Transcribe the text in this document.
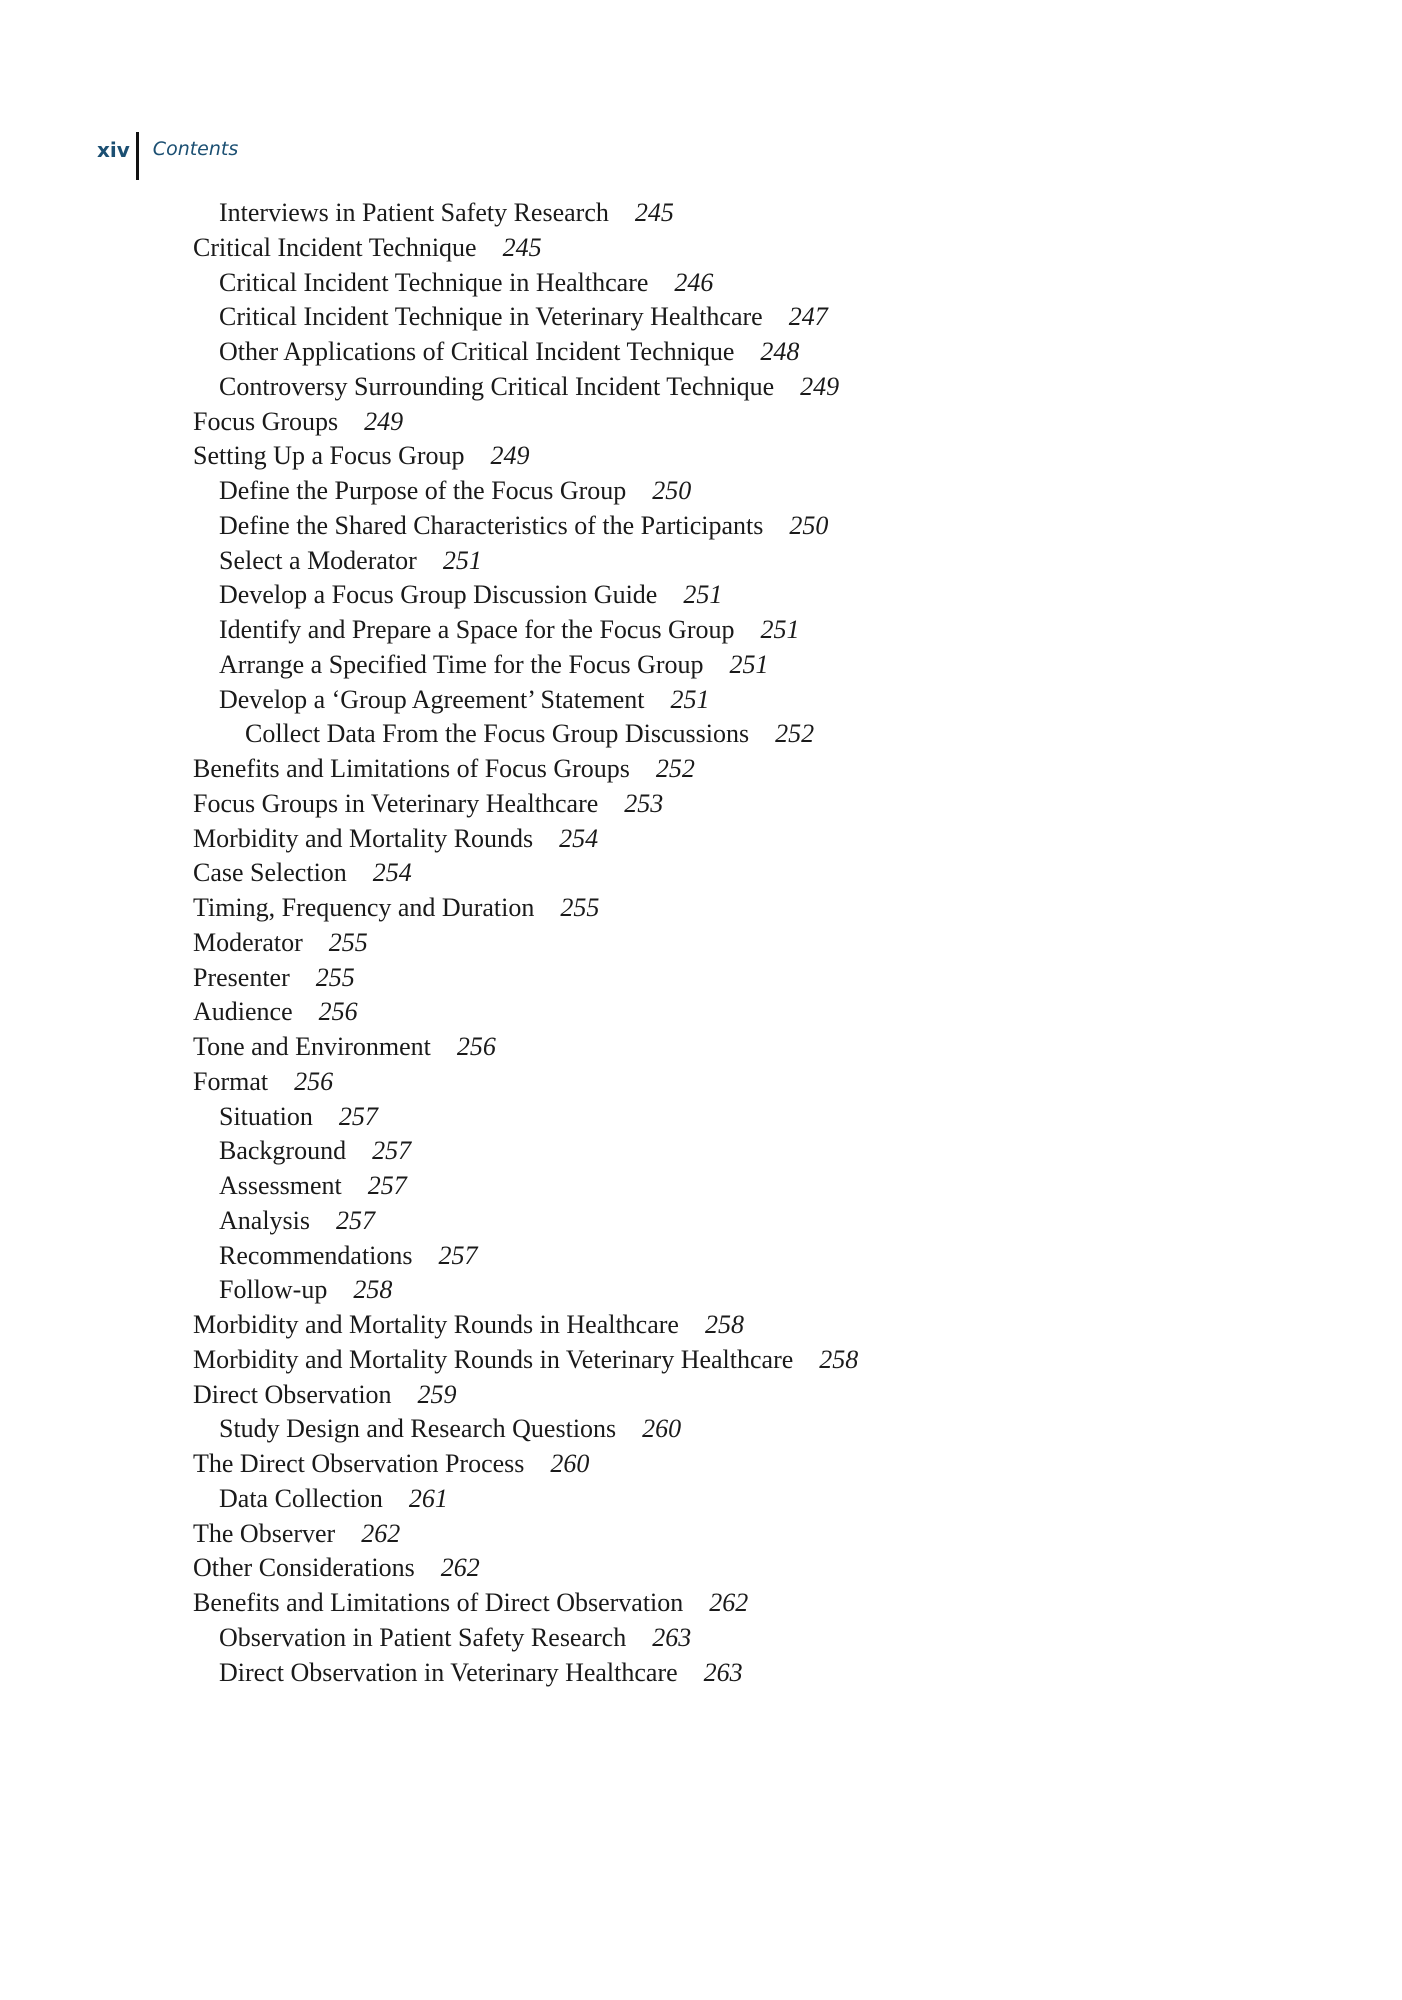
xiv Contents
Interviews in Patient Safety Research 245
Critical Incident Technique 245
Critical Incident Technique in Healthcare 246
Critical Incident Technique in Veterinary Healthcare 247
Other Applications of Critical Incident Technique 248
Controversy Surrounding Critical Incident Technique 249
Focus Groups 249
Setting Up a Focus Group 249
Define the Purpose of the Focus Group 250
Define the Shared Characteristics of the Participants 250
Select a Moderator 251
Develop a Focus Group Discussion Guide 251
Identify and Prepare a Space for the Focus Group 251
Arrange a Specified Time for the Focus Group 251
Develop a ‘Group Agreement’ Statement 251
Collect Data From the Focus Group Discussions 252
Benefits and Limitations of Focus Groups 252
Focus Groups in Veterinary Healthcare 253
Morbidity and Mortality Rounds 254
Case Selection 254
Timing, Frequency and Duration 255
Moderator 255
Presenter 255
Audience 256
Tone and Environment 256
Format 256
Situation 257
Background 257
Assessment 257
Analysis 257
Recommendations 257
Follow-up 258
Morbidity and Mortality Rounds in Healthcare 258
Morbidity and Mortality Rounds in Veterinary Healthcare 258
Direct Observation 259
Study Design and Research Questions 260
The Direct Observation Process 260
Data Collection 261
The Observer 262
Other Considerations 262
Benefits and Limitations of Direct Observation 262
Observation in Patient Safety Research 263
Direct Observation in Veterinary Healthcare 263
